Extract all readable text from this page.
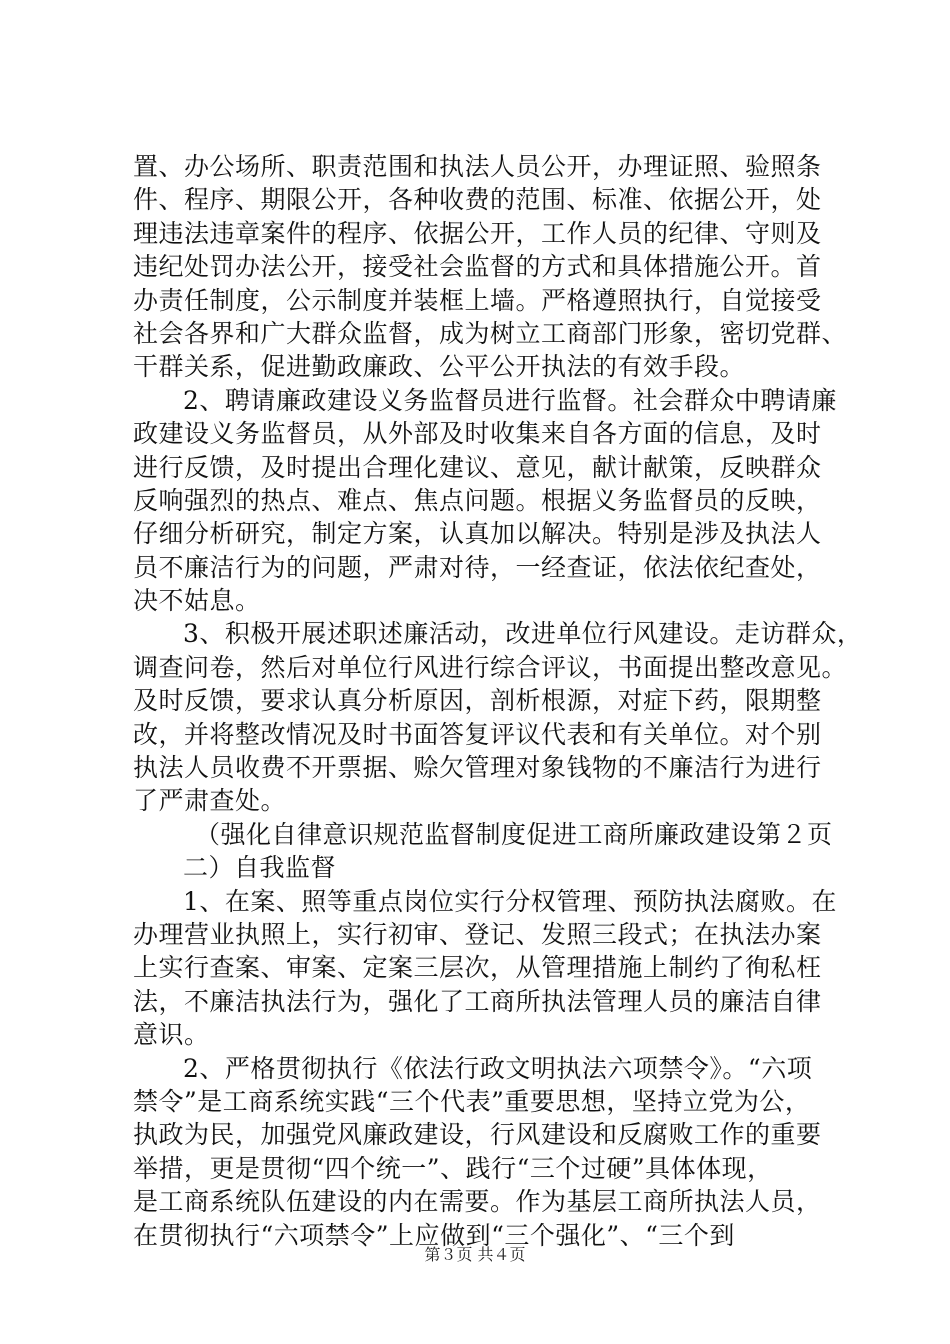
置、办公场所、职责范围和执法人员公开，办理证照、验照条
件、程序、期限公开，各种收费的范围、标准、依据公开，处
理违法违章案件的程序、依据公开，工作人员的纪律、守则及
违纪处罚办法公开，接受社会监督的方式和具体措施公开。首
办责任制度，公示制度并装框上墙。严格遵照执行，自觉接受
社会各界和广大群众监督，成为树立工商部门形象，密切党群、
干群关系，促进勤政廉政、公平公开执法的有效手段。
2、聘请廉政建设义务监督员进行监督。社会群众中聘请廉
政建设义务监督员，从外部及时收集来自各方面的信息，及时
进行反馈，及时提出合理化建议、意见，献计献策，反映群众
反响强烈的热点、难点、焦点问题。根据义务监督员的反映，
仔细分析研究，制定方案，认真加以解决。特别是涉及执法人
员不廉洁行为的问题，严肃对待，一经查证，依法依纪查处，
决不姑息。
3、积极开展述职述廉活动，改进单位行风建设。走访群众，
调查问卷，然后对单位行风进行综合评议，书面提出整改意见。
及时反馈，要求认真分析原因，剖析根源，对症下药，限期整
改，并将整改情况及时书面答复评议代表和有关单位。对个别
执法人员收费不开票据、赊欠管理对象钱物的不廉洁行为进行
了严肃查处。
（强化自律意识规范监督制度促进工商所廉政建设第２页
二）自我监督
1、在案、照等重点岗位实行分权管理、预防执法腐败。在
办理营业执照上，实行初审、登记、发照三段式；在执法办案
上实行查案、审案、定案三层次，从管理措施上制约了徇私枉
法，不廉洁执法行为，强化了工商所执法管理人员的廉洁自律
意识。
2、严格贯彻执行《依法行政文明执法六项禁令》。“六项
禁令”是工商系统实践“三个代表”重要思想，坚持立党为公，
执政为民，加强党风廉政建设，行风建设和反腐败工作的重要
举措，更是贯彻“四个统一”、践行“三个过硬”具体体现，
是工商系统队伍建设的内在需要。作为基层工商所执法人员，
在贯彻执行“六项禁令”上应做到“三个强化”、“三个到
第３页 共４页
